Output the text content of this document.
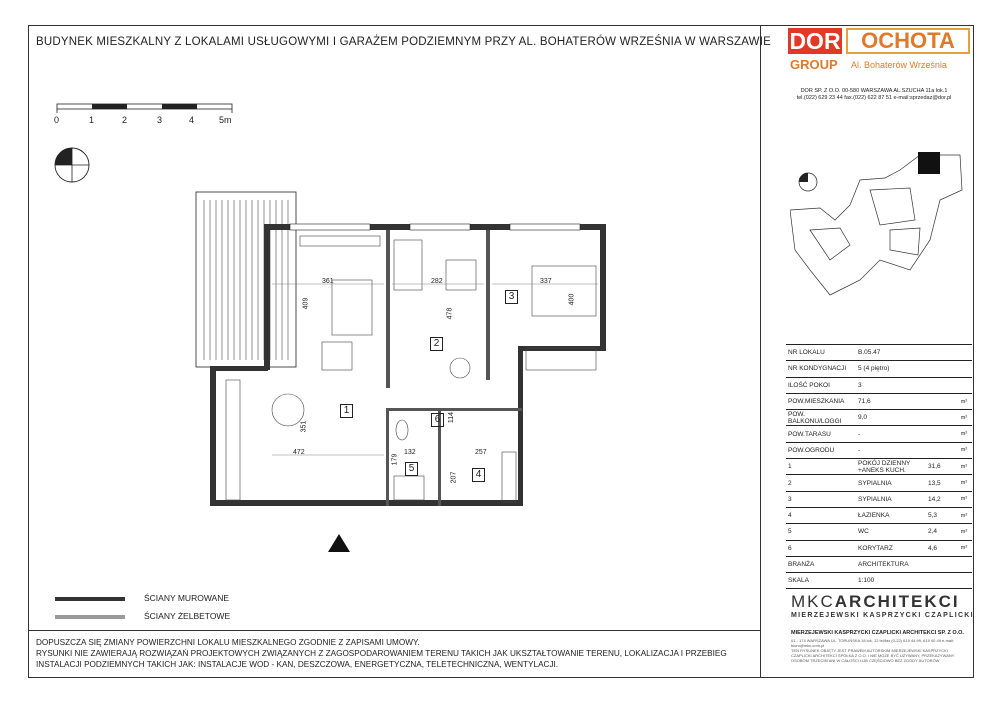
BUDYNEK MIESZKALNY Z LOKALAMI USŁUGOWYMI I GARAŻEM PODZIEMNYM PRZY AL. BOHATERÓW WRZEŚNIA W WARSZAWIE
0	1	2	3	4	5m
1
2
3
4
5
6
361
409
472
351
282
478
337
400
114
132
179
257
207
ŚCIANY MUROWANE
ŚCIANY ŻELBETOWE
DOPUSZCZA SIĘ ZMIANY POWIERZCHNI LOKALU MIESZKALNEGO ZGODNIE Z ZAPISAMI UMOWY.
RYSUNKI NIE ZAWIERAJĄ ROZWIĄZAŃ PROJEKTOWYCH ZWIĄZANYCH Z ZAGOSPODAROWANIEM TERENU TAKICH JAK UKSZTAŁTOWANIE TERENU, LOKALIZACJA I PRZEBIEG
INSTALACJI PODZIEMNYCH TAKICH JAK: INSTALACJE WOD - KAN, DESZCZOWA, ENERGETYCZNA, TELETECHNICZNA, WENTYLACJI.
DOR OCHOTA
GROUP Al. Bohaterów Września
DOR SP. Z O.O. 00-580 WARSZAWA AL.SZUCHA 11a lok.1
tel.(022) 629 23 44 fax.(022) 622 87 51 e-mail:sprzedaz@dor.pl
NR LOKALU	B.05.47		
NR KONDYGNACJI	5 (4 piętro)		
ILOŚĆ POKOI	3		
POW.MIESZKANIA	71,6		m²
POW. BALKONU/LOGGI	9,0		m²
POW.TARASU	-		m²
POW.OGRODU	-		m²
1	POKÓJ DZIENNY +ANEKS KUCH.	31,6	m²
2	SYPIALNIA	13,5	m²
3	SYPIALNIA	14,2	m²
4	ŁAZIENKA	5,3	m²
5	WC	2,4	m²
6	KORYTARZ	4,6	m²
BRANŻA	ARCHITEKTURA		
SKALA	1:100		
MKCARCHITEKCI
MIERZEJEWSKI KASPRZYCKI CZAPLICKI
MIERZEJEWSKI KASPRZYCKI CZAPLICKI ARCHITEKCI SP. Z O.O.
01 - 174 WARSZAWA UL. TORUŃSKA 18 lok. 12 tel/fax (0-22) 619 44 99, 619 40 49 e-mail: biuro@mkc.com.pl
TEN RYSUNEK OBJĘTY JEST PRAWEM AUTORSKIM MIERZEJEWSKI KASPRZYCKI CZAPLICKI ARCHITEKCI SPÓŁKA Z O.O. I NIE MOŻE BYĆ UŻYWANY, PRZEKAZYWANY OSOBOM TRZECIM ANI W CAŁOŚCI LUB CZĘŚCIOWO BEZ ZGODY AUTORÓW
